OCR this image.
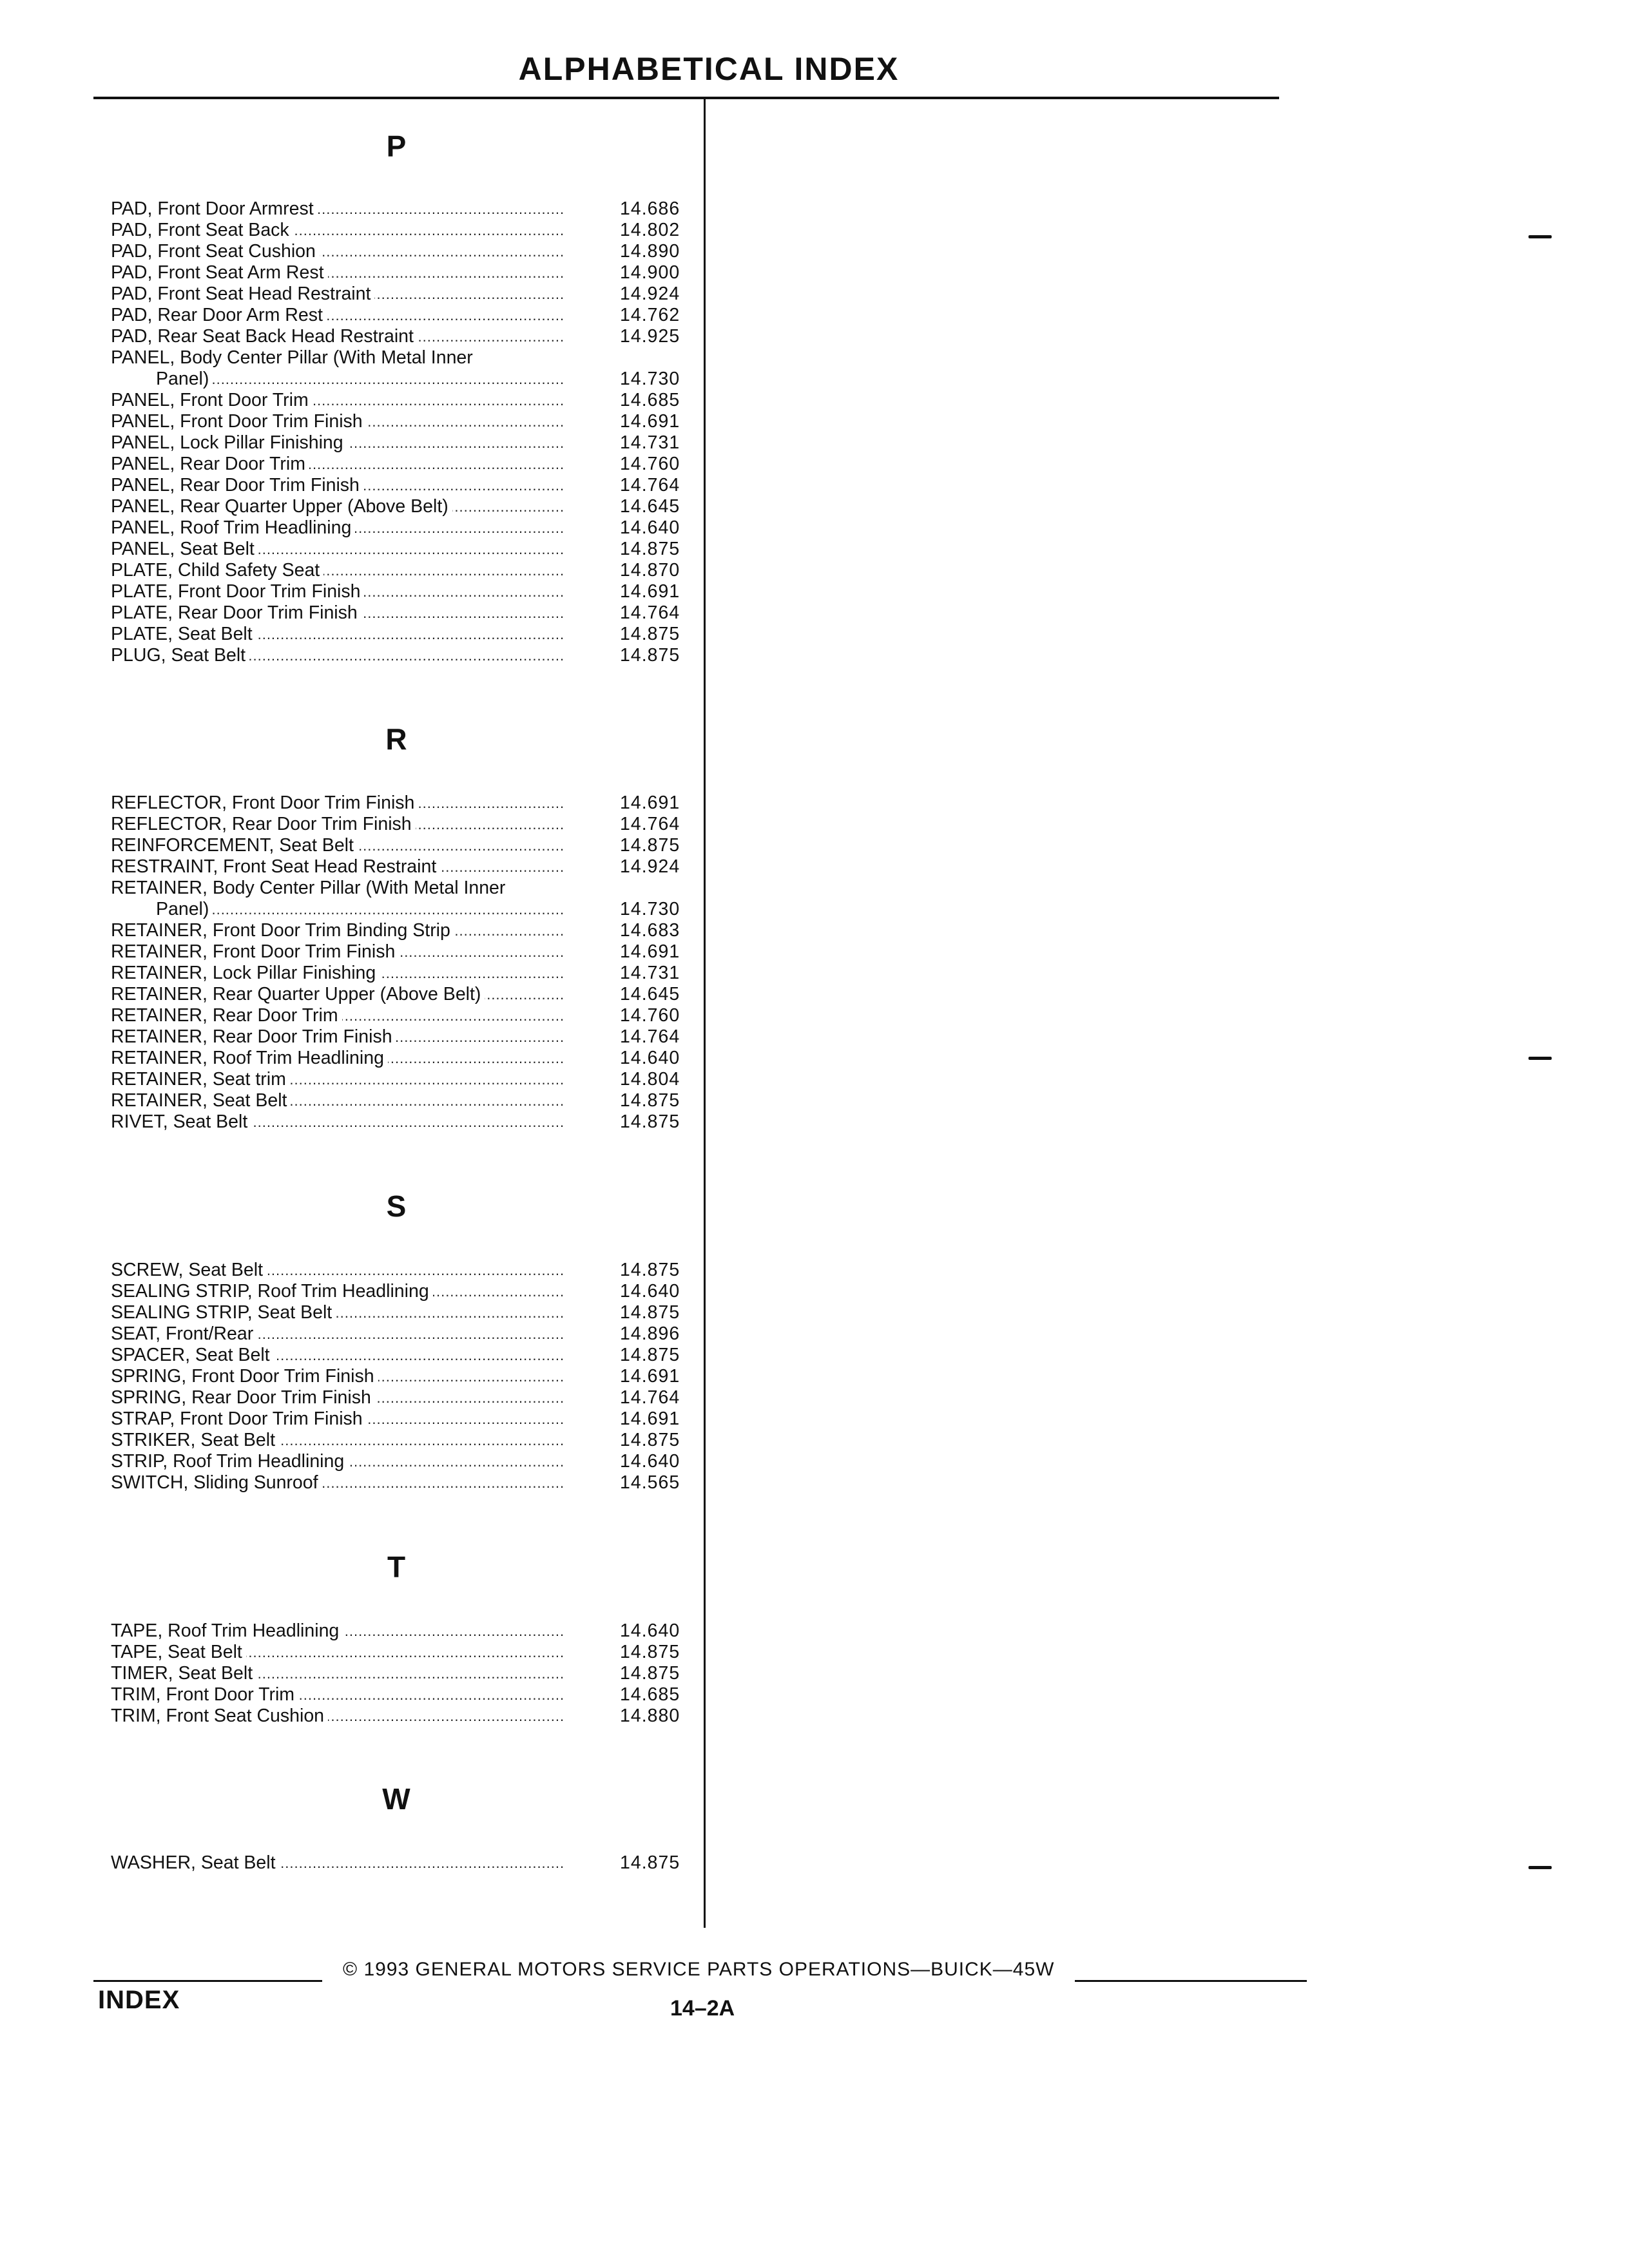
ALPHABETICAL INDEX
P
PAD, Front Door Armrest .....	14.686
PAD, Front Seat Back .....	14.802
PAD, Front Seat Cushion .....	14.890
PAD, Front Seat Arm Rest .....	14.900
PAD, Front Seat Head Restraint .....	14.924
PAD, Rear Door Arm Rest .....	14.762
PAD, Rear Seat Back Head Restraint .....	14.925
PANEL, Body Center Pillar (With Metal Inner
Panel) .....	14.730
PANEL, Front Door Trim .....	14.685
PANEL, Front Door Trim Finish .....	14.691
PANEL, Lock Pillar Finishing .....	14.731
PANEL, Rear Door Trim .....	14.760
PANEL, Rear Door Trim Finish .....	14.764
PANEL, Rear Quarter Upper (Above Belt) .....	14.645
PANEL, Roof Trim Headlining .....	14.640
PANEL, Seat Belt .....	14.875
PLATE, Child Safety Seat .....	14.870
PLATE, Front Door Trim Finish .....	14.691
PLATE, Rear Door Trim Finish .....	14.764
PLATE, Seat Belt .....	14.875
PLUG, Seat Belt .....	14.875
R
REFLECTOR, Front Door Trim Finish .....	14.691
REFLECTOR, Rear Door Trim Finish .....	14.764
REINFORCEMENT, Seat Belt .....	14.875
RESTRAINT, Front Seat Head Restraint .....	14.924
RETAINER, Body Center Pillar (With Metal Inner
Panel) .....	14.730
RETAINER, Front Door Trim Binding Strip .....	14.683
RETAINER, Front Door Trim Finish .....	14.691
RETAINER, Lock Pillar Finishing .....	14.731
RETAINER, Rear Quarter Upper (Above Belt) .....	14.645
RETAINER, Rear Door Trim .....	14.760
RETAINER, Rear Door Trim Finish .....	14.764
RETAINER, Roof Trim Headlining .....	14.640
RETAINER, Seat trim .....	14.804
RETAINER, Seat Belt .....	14.875
RIVET, Seat Belt .....	14.875
S
SCREW, Seat Belt .....	14.875
SEALING STRIP, Roof Trim Headlining .....	14.640
SEALING STRIP, Seat Belt .....	14.875
SEAT, Front/Rear .....	14.896
SPACER, Seat Belt .....	14.875
SPRING, Front Door Trim Finish .....	14.691
SPRING, Rear Door Trim Finish .....	14.764
STRAP, Front Door Trim Finish .....	14.691
STRIKER, Seat Belt .....	14.875
STRIP, Roof Trim Headlining .....	14.640
SWITCH, Sliding Sunroof .....	14.565
T
TAPE, Roof Trim Headlining .....	14.640
TAPE, Seat Belt .....	14.875
TIMER, Seat Belt .....	14.875
TRIM, Front Door Trim .....	14.685
TRIM, Front Seat Cushion .....	14.880
W
WASHER, Seat Belt .....	14.875
© 1993 GENERAL MOTORS SERVICE PARTS OPERATIONS—BUICK—45W
INDEX	14–2A
